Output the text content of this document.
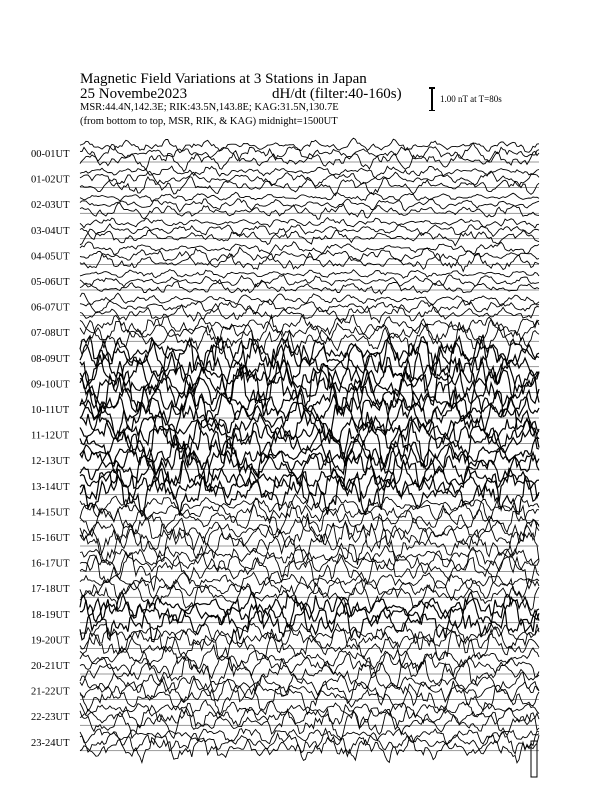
Magnetic Field Variations at 3 Stations in Japan
25 Novembe2023	dH/dt (filter:40-160s)
MSR:44.4N,142.3E; RIK:43.5N,143.8E; KAG:31.5N,130.7E
(from bottom to top, MSR, RIK, & KAG) midnight=1500UT
1.00 nT at T=80s
00-01UT
01-02UT
02-03UT
03-04UT
04-05UT
05-06UT
06-07UT
07-08UT
08-09UT
09-10UT
10-11UT
11-12UT
12-13UT
13-14UT
14-15UT
15-16UT
16-17UT
17-18UT
18-19UT
19-20UT
20-21UT
21-22UT
22-23UT
23-24UT
